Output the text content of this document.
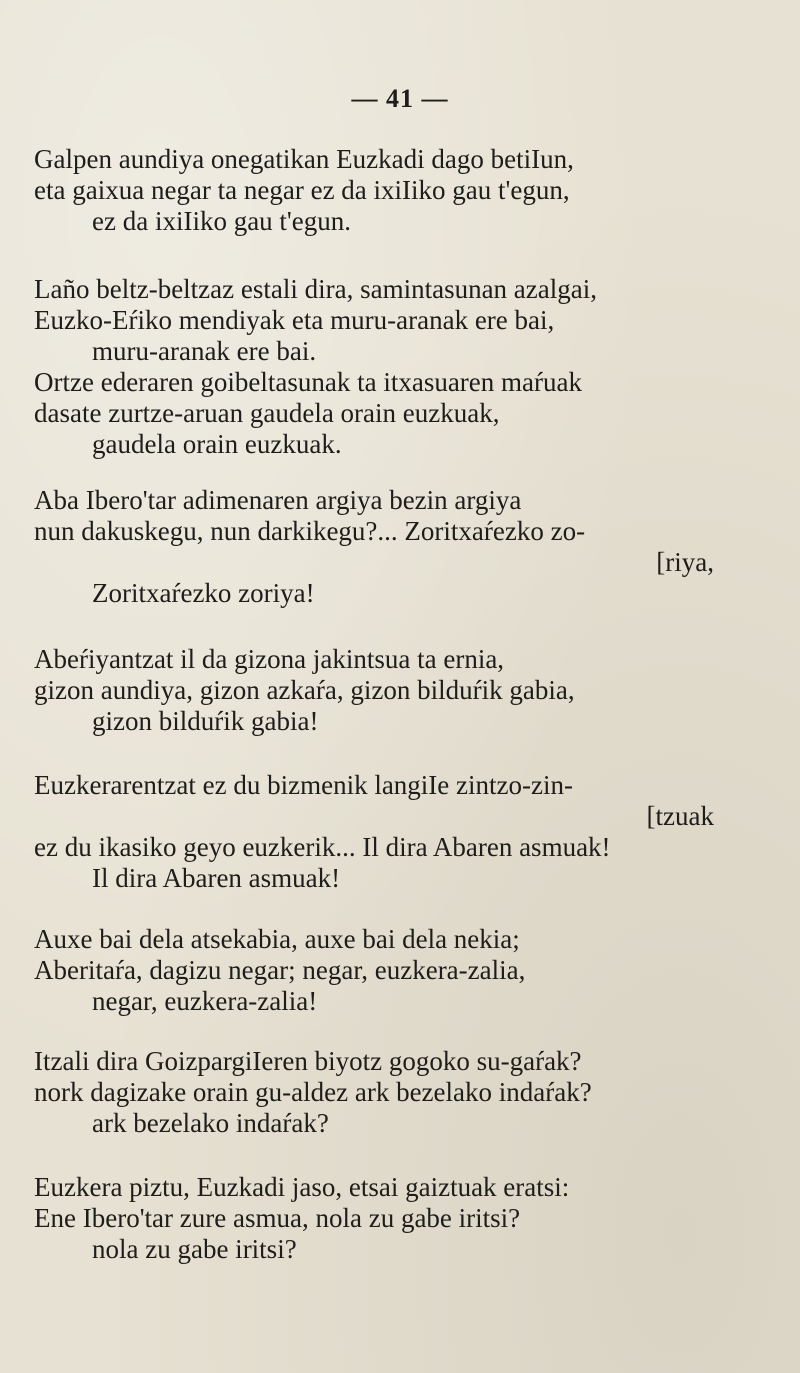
— 41 —
Galpen aundiya onegatikan Euzkadi dago betiIun,
eta gaixua negar ta negar ez da ixiIiko gau t'egun,
ez da ixiIiko gau t'egun.
Laño beltz-beltzaz estali dira, samintasunan azalgai,
Euzko-Eŕiko mendiyak eta muru-aranak ere bai,
muru-aranak ere bai.
Ortze ederaren goibeltasunak ta itxasuaren maŕuak
dasate zurtze-aruan gaudela orain euzkuak,
gaudela orain euzkuak.
Aba Ibero'tar adimenaren argiya bezin argiya
nun dakuskegu, nun darkikegu?... Zoritxaŕezko zo-
[riya,
Zoritxaŕezko zoriya!
Abeŕiyantzat il da gizona jakintsua ta ernia,
gizon aundiya, gizon azkaŕa, gizon bilduŕik gabia,
gizon bilduŕik gabia!
Euzkerarentzat ez du bizmenik langiIe zintzo-zin-
[tzuak
ez du ikasiko geyo euzkerik... Il dira Abaren asmuak!
Il dira Abaren asmuak!
Auxe bai dela atsekabia, auxe bai dela nekia;
Aberitaŕa, dagizu negar; negar, euzkera-zalia,
negar, euzkera-zalia!
Itzali dira GoizpargiIeren biyotz gogoko su-gaŕak?
nork dagizake orain gu-aldez ark bezelako indaŕak?
ark bezelako indaŕak?
Euzkera piztu, Euzkadi jaso, etsai gaiztuak eratsi:
Ene Ibero'tar zure asmua, nola zu gabe iritsi?
nola zu gabe iritsi?
